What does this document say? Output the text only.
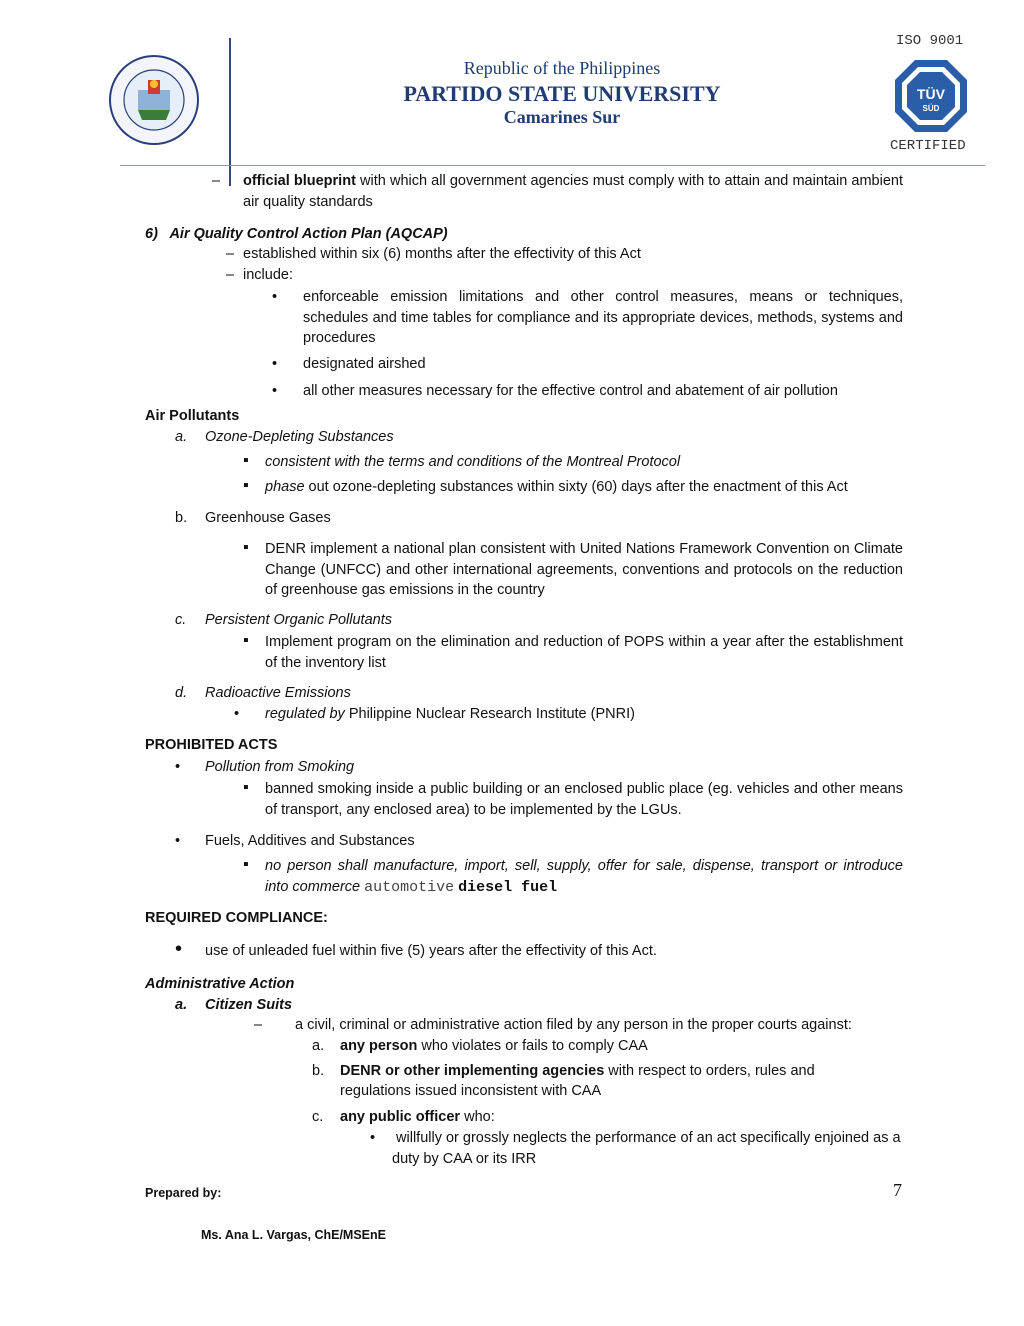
ISO 9001
Republic of the Philippines
PARTIDO STATE UNIVERSITY
Camarines Sur
TÜV
SÜD
CERTIFIED
– official blueprint with which all government agencies must comply with to attain and maintain ambient air quality standards
6)   Air Quality Control Action Plan (AQCAP)
– established within six (6) months after the effectivity of this Act
– include:
•
enforceable emission limitations and other control measures, means or techniques, schedules and time tables for compliance and its appropriate devices, methods, systems and procedures
•
designated airshed
•
all other measures necessary for the effective control and abatement of air pollution
Air Pollutants
a. Ozone-Depleting Substances
▪
consistent with the terms and conditions of the Montreal Protocol
▪
phase out ozone-depleting substances within sixty (60) days after the enactment of this Act
b. Greenhouse Gases
▪
DENR implement a national plan consistent with United Nations Framework Convention on Climate Change (UNFCC) and other international agreements, conventions and protocols on the reduction of greenhouse gas emissions in the country
c. Persistent Organic Pollutants
▪
Implement program on the elimination and reduction of POPS within a year after the establishment of the inventory list
d. Radioactive Emissions
•
regulated by Philippine Nuclear Research Institute (PNRI)
PROHIBITED ACTS
•
Pollution from Smoking
▪
banned smoking inside a public building or an enclosed public place (eg. vehicles and other means of transport, any enclosed area) to be implemented by the LGUs.
•
Fuels, Additives and Substances
▪
no person shall manufacture, import, sell, supply, offer for sale, dispense, transport or introduce into commerce automotive diesel fuel
REQUIRED COMPLIANCE:
•
use of unleaded fuel within five (5) years after the effectivity of this Act.
Administrative Action
a. Citizen Suits
– a civil, criminal or administrative action filed by any person in the proper courts against:
a. any person who violates or fails to comply CAA
b. DENR or other implementing agencies with respect to orders, rules and regulations issued inconsistent with CAA
c. any public officer who:
•
willfully or grossly neglects the performance of an act specifically enjoined as a duty by CAA or its IRR
Prepared by:	7
Ms. Ana L. Vargas, ChE/MSEnE
